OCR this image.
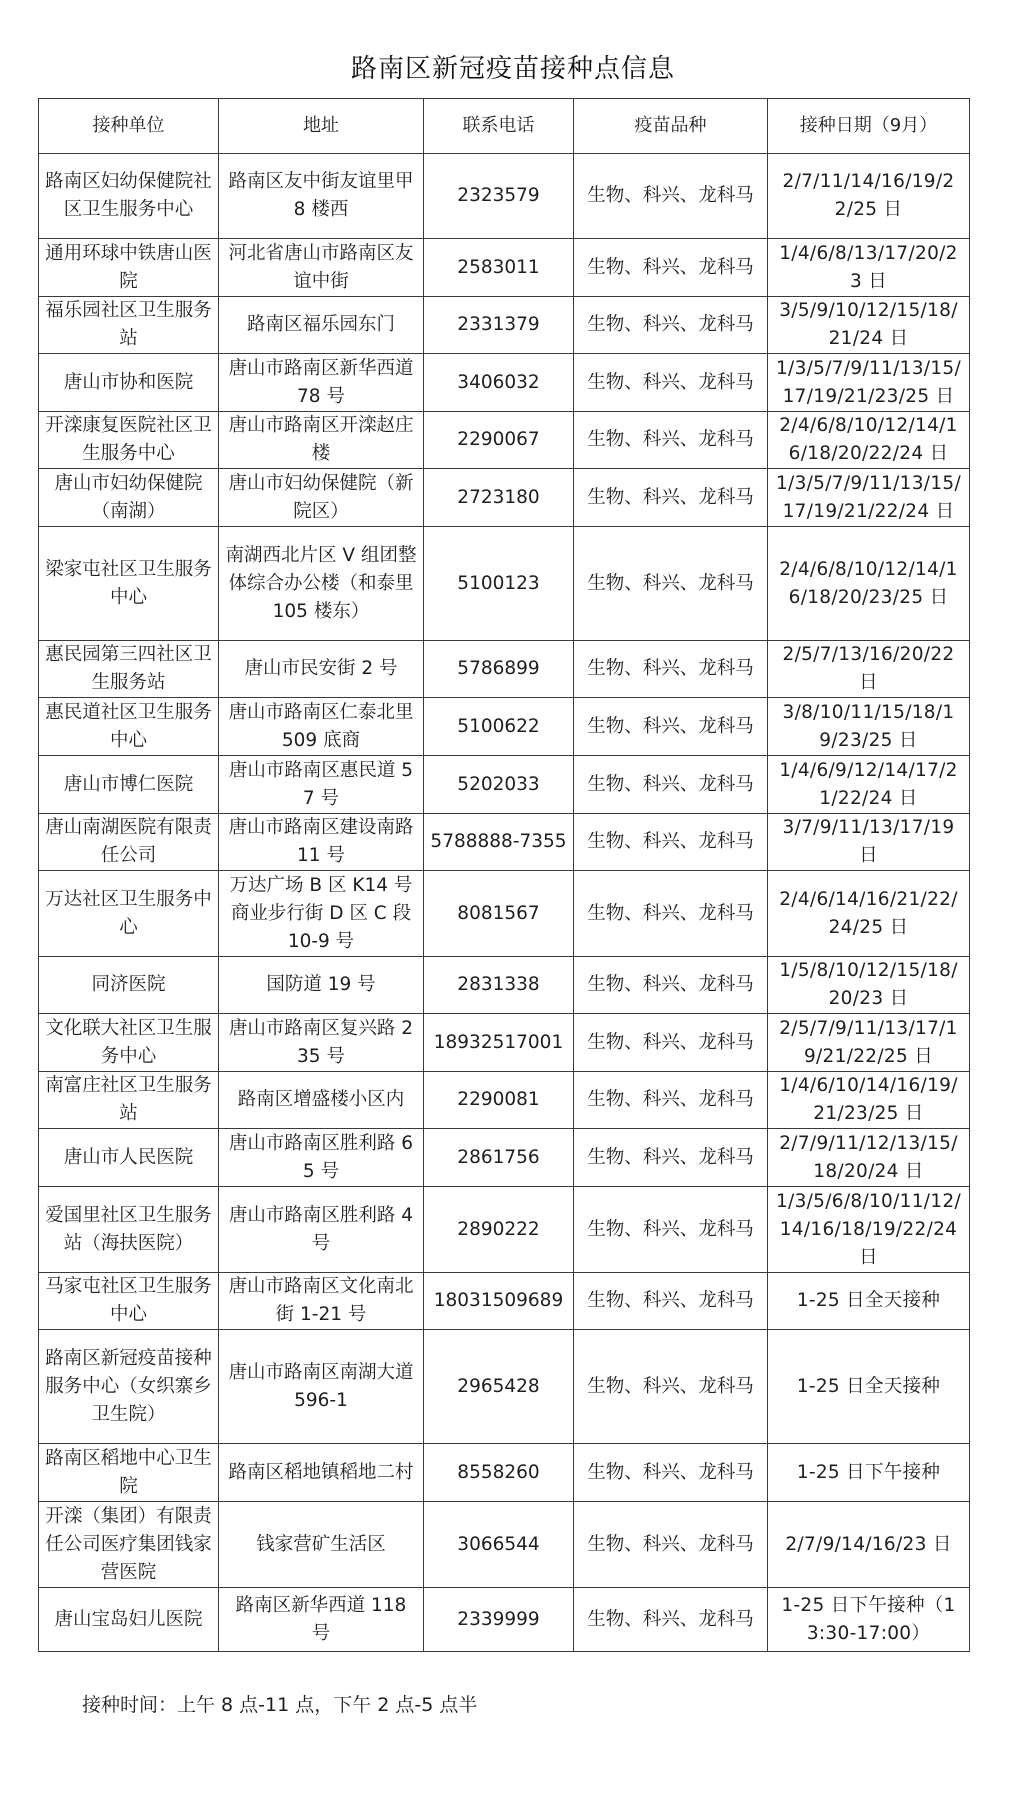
路南区新冠疫苗接种点信息
接种单位	地址	联系电话	疫苗品种	接种日期（9月）
路南区妇幼保健院社区卫生服务中心	路南区友中街友谊里甲 8 楼西	2323579	生物、科兴、龙科马	2/7/11/14/16/19/22/25 日
通用环球中铁唐山医院	河北省唐山市路南区友谊中街	2583011	生物、科兴、龙科马	1/4/6/8/13/17/20/23 日
福乐园社区卫生服务站	路南区福乐园东门	2331379	生物、科兴、龙科马	3/5/9/10/12/15/18/21/24 日
唐山市协和医院	唐山市路南区新华西道 78 号	3406032	生物、科兴、龙科马	1/3/5/7/9/11/13/15/17/19/21/23/25 日
开滦康复医院社区卫生服务中心	唐山市路南区开滦赵庄楼	2290067	生物、科兴、龙科马	2/4/6/8/10/12/14/16/18/20/22/24 日
唐山市妇幼保健院（南湖）	唐山市妇幼保健院（新院区）	2723180	生物、科兴、龙科马	1/3/5/7/9/11/13/15/17/19/21/22/24 日
梁家屯社区卫生服务中心	南湖西北片区 V 组团整体综合办公楼（和泰里 105 楼东）	5100123	生物、科兴、龙科马	2/4/6/8/10/12/14/16/18/20/23/25 日
惠民园第三四社区卫生服务站	唐山市民安街 2 号	5786899	生物、科兴、龙科马	2/5/7/13/16/20/22 日
惠民道社区卫生服务中心	唐山市路南区仁泰北里 509 底商	5100622	生物、科兴、龙科马	3/8/10/11/15/18/19/23/25 日
唐山市博仁医院	唐山市路南区惠民道 57 号	5202033	生物、科兴、龙科马	1/4/6/9/12/14/17/21/22/24 日
唐山南湖医院有限责任公司	唐山市路南区建设南路 11 号	5788888-7355	生物、科兴、龙科马	3/7/9/11/13/17/19 日
万达社区卫生服务中心	万达广场 B 区 K14 号商业步行街 D 区 C 段 10-9 号	8081567	生物、科兴、龙科马	2/4/6/14/16/21/22/24/25 日
同济医院	国防道 19 号	2831338	生物、科兴、龙科马	1/5/8/10/12/15/18/20/23 日
文化联大社区卫生服务中心	唐山市路南区复兴路 235 号	18932517001	生物、科兴、龙科马	2/5/7/9/11/13/17/19/21/22/25 日
南富庄社区卫生服务站	路南区增盛楼小区内	2290081	生物、科兴、龙科马	1/4/6/10/14/16/19/21/23/25 日
唐山市人民医院	唐山市路南区胜利路 65 号	2861756	生物、科兴、龙科马	2/7/9/11/12/13/15/18/20/24 日
爱国里社区卫生服务站（海扶医院）	唐山市路南区胜利路 4 号	2890222	生物、科兴、龙科马	1/3/5/6/8/10/11/12/14/16/18/19/22/24 日
马家屯社区卫生服务中心	唐山市路南区文化南北街 1-21 号	18031509689	生物、科兴、龙科马	1-25 日全天接种
路南区新冠疫苗接种服务中心（女织寨乡卫生院）	唐山市路南区南湖大道 596-1	2965428	生物、科兴、龙科马	1-25 日全天接种
路南区稻地中心卫生院	路南区稻地镇稻地二村	8558260	生物、科兴、龙科马	1-25 日下午接种
开滦（集团）有限责任公司医疗集团钱家营医院	钱家营矿生活区	3066544	生物、科兴、龙科马	2/7/9/14/16/23 日
唐山宝岛妇儿医院	路南区新华西道 118 号	2339999	生物、科兴、龙科马	1-25 日下午接种（13:30-17:00）
接种时间：上午 8 点-11 点，下午 2 点-5 点半
